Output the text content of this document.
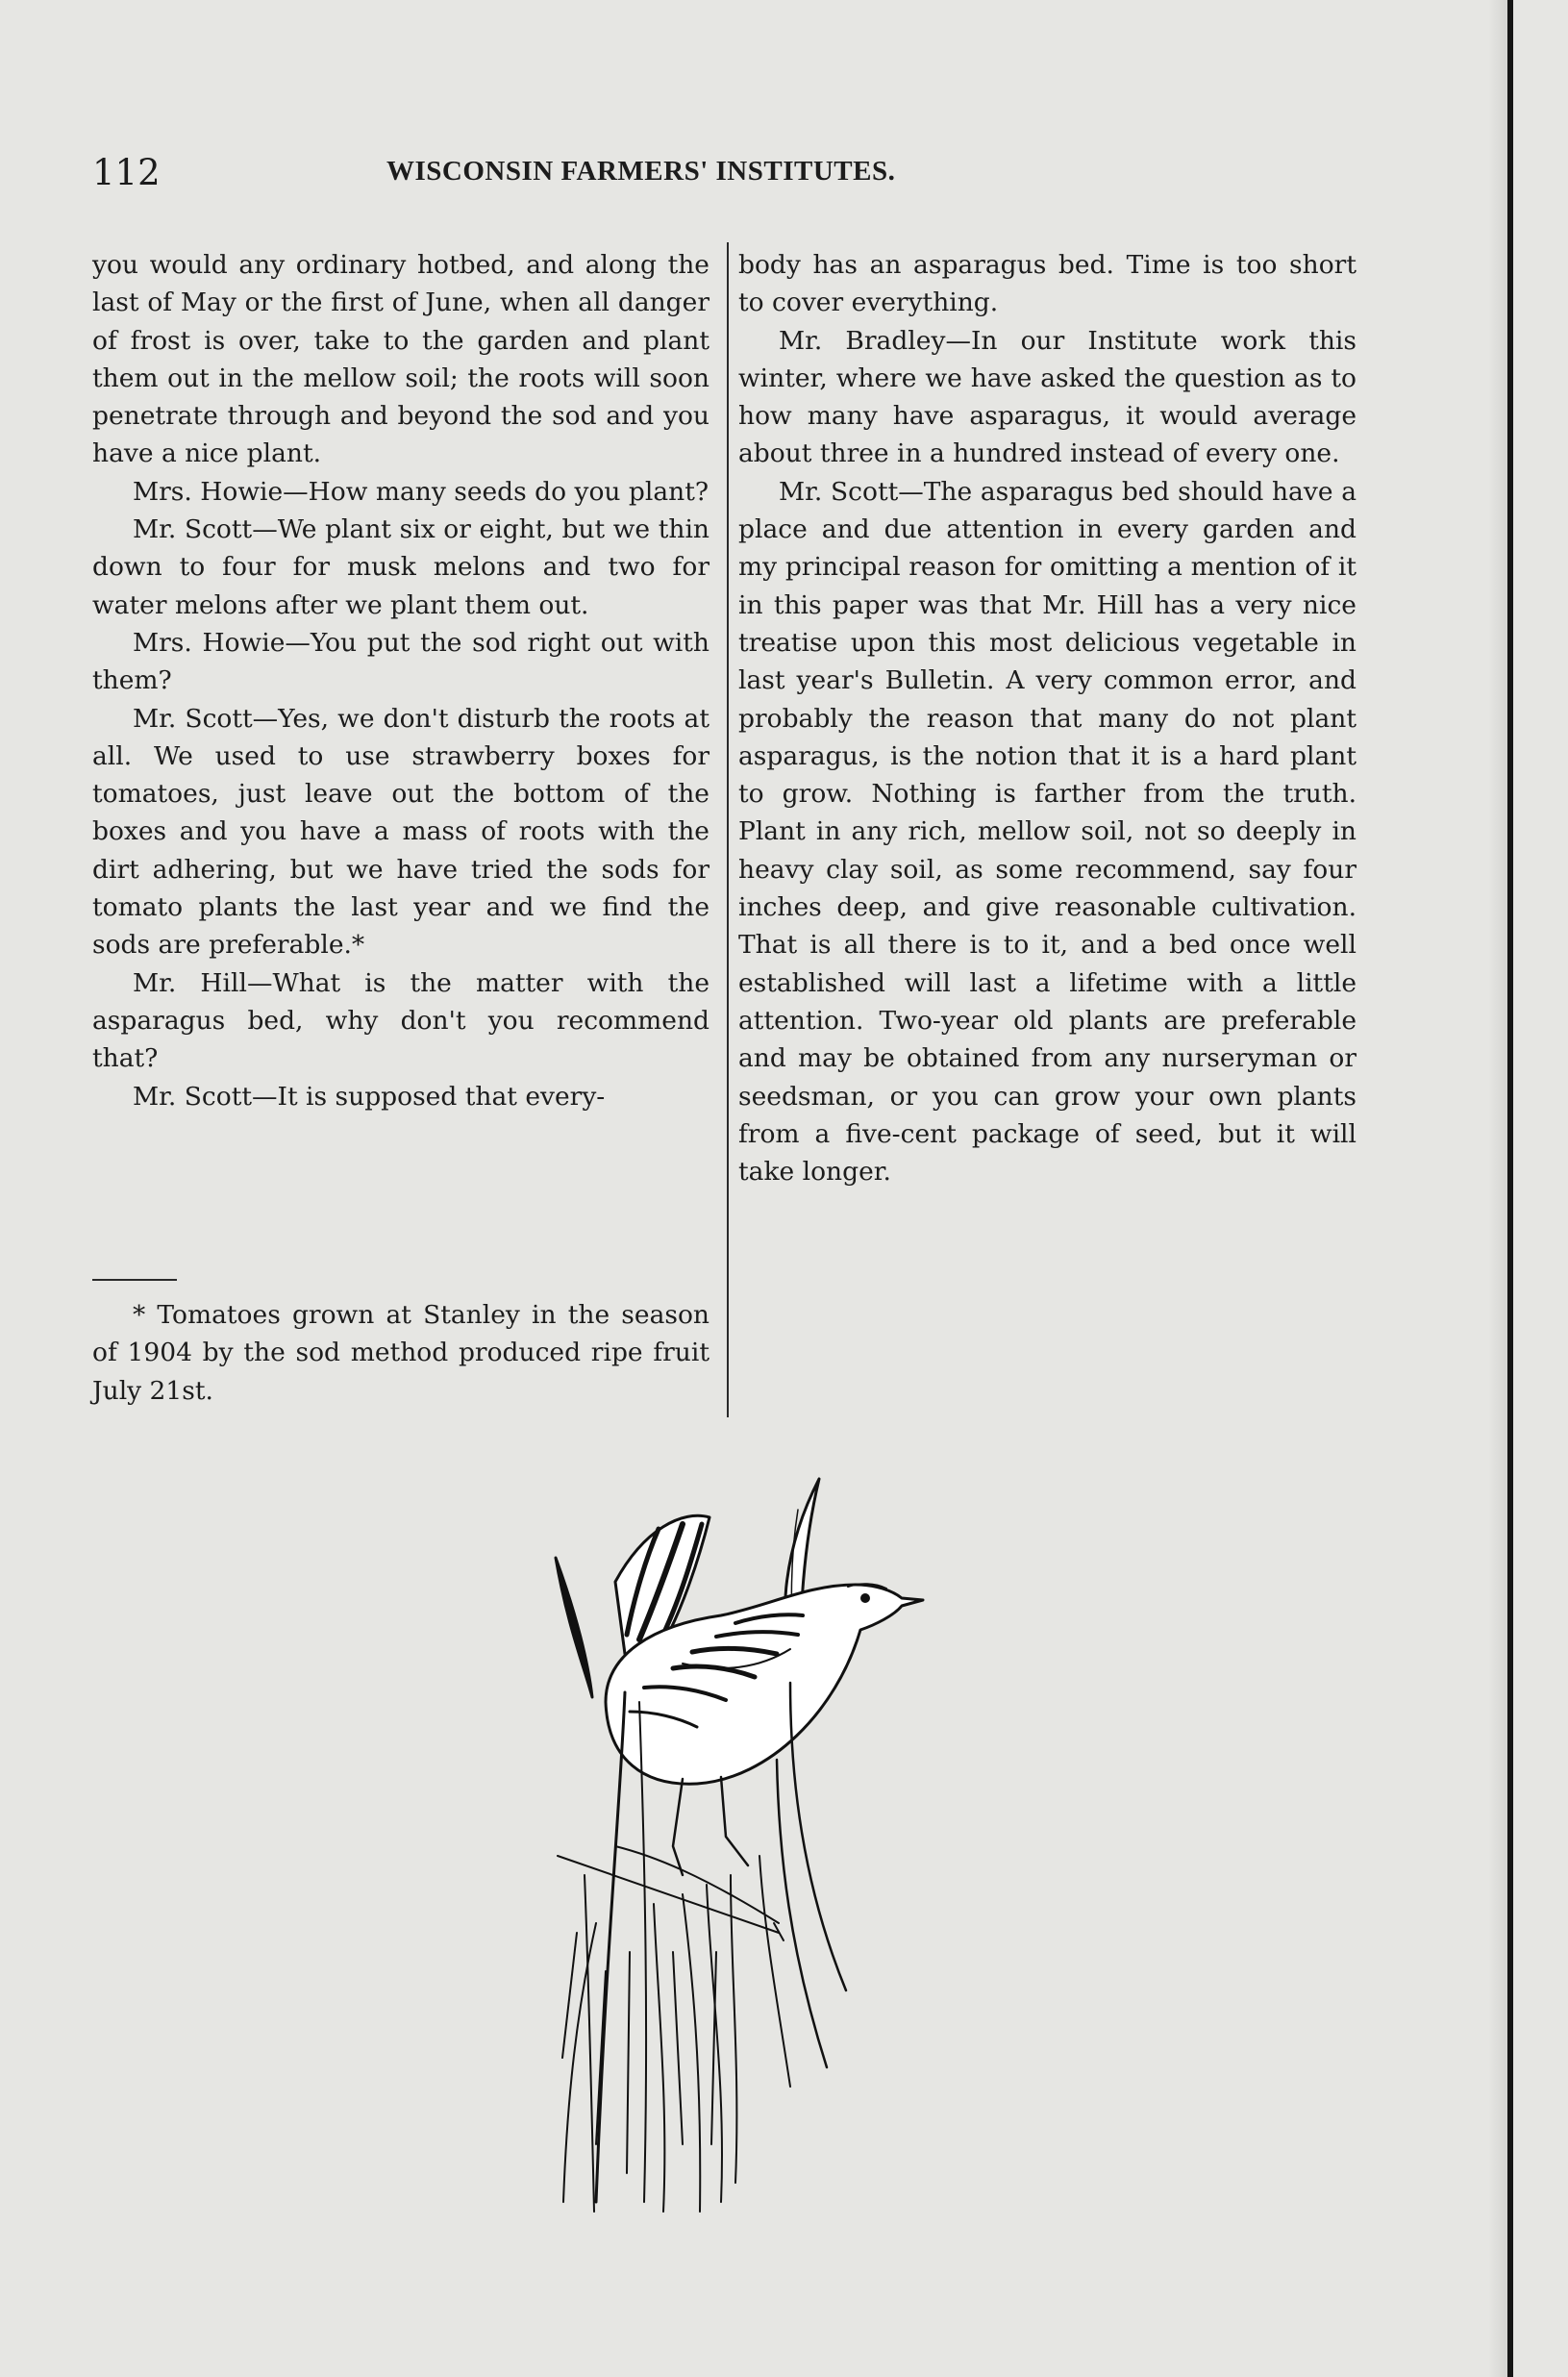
112	WISCONSIN FARMERS' INSTITUTES.

you would any ordinary hotbed, and along the last of May or the first of June, when all danger of frost is over, take to the garden and plant them out in the mellow soil; the roots will soon penetrate through and beyond the sod and you have a nice plant.

Mrs. Howie—How many seeds do you plant?

Mr. Scott—We plant six or eight, but we thin down to four for musk melons and two for water melons after we plant them out.

Mrs. Howie—You put the sod right out with them?

Mr. Scott—Yes, we don't disturb the roots at all. We used to use strawberry boxes for tomatoes, just leave out the bottom of the boxes and you have a mass of roots with the dirt adhering, but we have tried the sods for tomato plants the last year and we find the sods are preferable.*

Mr. Hill—What is the matter with the asparagus bed, why don't you recommend that?

Mr. Scott—It is supposed that every-

* Tomatoes grown at Stanley in the season of 1904 by the sod method produced ripe fruit July 21st.

body has an asparagus bed. Time is too short to cover everything.

Mr. Bradley—In our Institute work this winter, where we have asked the question as to how many have asparagus, it would average about three in a hundred instead of every one.

Mr. Scott—The asparagus bed should have a place and due attention in every garden and my principal reason for omitting a mention of it in this paper was that Mr. Hill has a very nice treatise upon this most delicious vegetable in last year's Bulletin. A very common error, and probably the reason that many do not plant asparagus, is the notion that it is a hard plant to grow. Nothing is farther from the truth. Plant in any rich, mellow soil, not so deeply in heavy clay soil, as some recommend, say four inches deep, and give reasonable cultivation. That is all there is to it, and a bed once well established will last a lifetime with a little attention. Two-year old plants are preferable and may be obtained from any nurseryman or seedsman, or you can grow your own plants from a five-cent package of seed, but it will take longer.
